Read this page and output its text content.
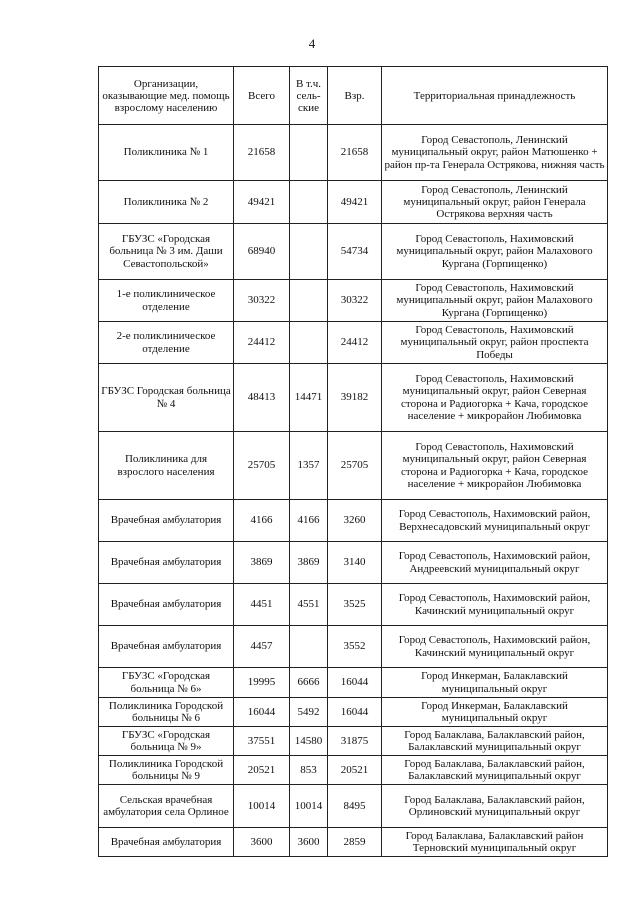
4
Организации, оказывающие мед. помощь взрослому населению	Всего	В т.ч. сель-ские	Взр.	Территориальная принадлежность
Поликлиника № 1	21658		21658	Город Севастополь, Ленинский муниципальный округ, район Матюшенко + район пр-та Генерала Острякова, нижняя часть
Поликлиника № 2	49421		49421	Город Севастополь, Ленинский муниципальный округ, район Генерала Острякова верхняя часть
ГБУЗС «Городская больница № 3 им. Даши Севастопольской»	68940		54734	Город Севастополь, Нахимовский муниципальный округ, район Малахового Кургана (Горпищенко)
1-е поликлиническое отделение	30322		30322	Город Севастополь, Нахимовский муниципальный округ, район Малахового Кургана (Горпищенко)
2-е поликлиническое отделение	24412		24412	Город Севастополь, Нахимовский муниципальный округ, район проспекта Победы
ГБУЗС Городская больница № 4	48413	14471	39182	Город Севастополь, Нахимовский муниципальный округ, район Северная сторона и Радиогорка + Кача, городское население + микрорайон Любимовка
Поликлиника для взрослого населения	25705	1357	25705	Город Севастополь, Нахимовский муниципальный округ, район Северная сторона и Радиогорка + Кача, городское население + микрорайон Любимовка
Врачебная амбулатория	4166	4166	3260	Город Севастополь, Нахимовский район, Верхнесадовский муниципальный округ
Врачебная амбулатория	3869	3869	3140	Город Севастополь, Нахимовский район, Андреевский муниципальный округ
Врачебная амбулатория	4451	4551	3525	Город Севастополь, Нахимовский район, Качинский муниципальный округ
Врачебная амбулатория	4457		3552	Город Севастополь, Нахимовский район, Качинский муниципальный округ
ГБУЗС «Городская больница № 6»	19995	6666	16044	Город Инкерман, Балаклавский муниципальный округ
Поликлиника Городской больницы № 6	16044	5492	16044	Город Инкерман, Балаклавский муниципальный округ
ГБУЗС «Городская больница № 9»	37551	14580	31875	Город Балаклава, Балаклавский район, Балаклавский муниципальный округ
Поликлиника Городской больницы № 9	20521	853	20521	Город Балаклава, Балаклавский район, Балаклавский муниципальный округ
Сельская врачебная амбулатория села Орлиное	10014	10014	8495	Город Балаклава, Балаклавский район, Орлиновский муниципальный округ
Врачебная амбулатория	3600	3600	2859	Город Балаклава, Балаклавский район Терновский муниципальный округ
